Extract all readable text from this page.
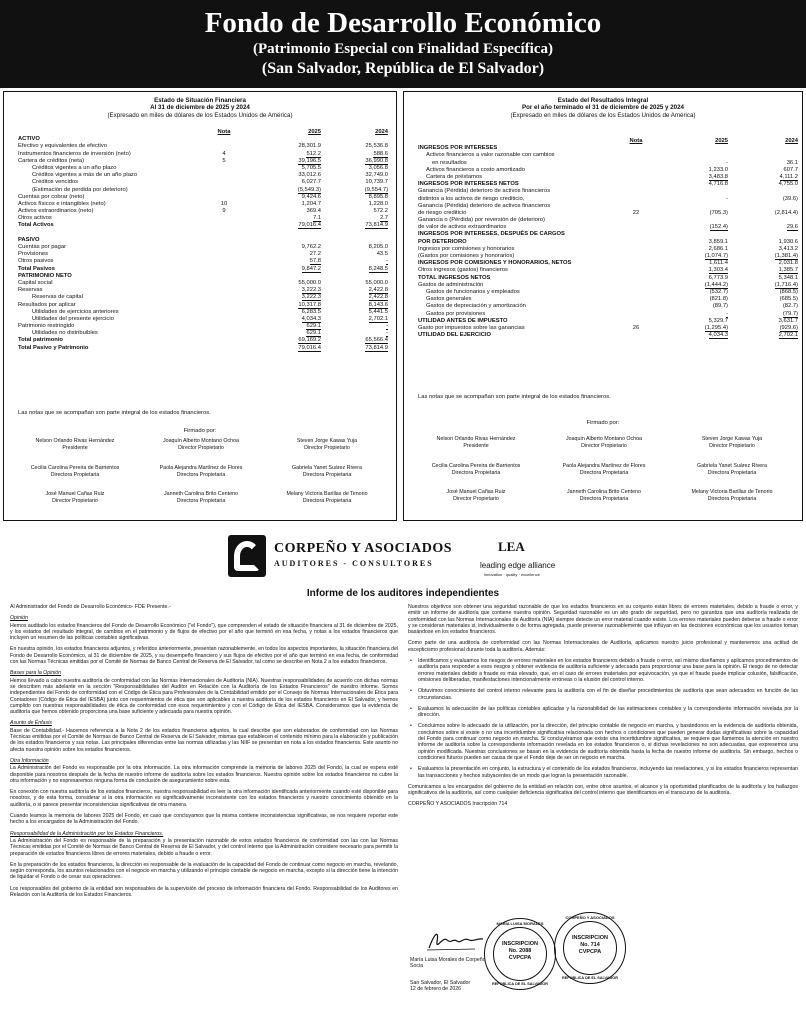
Fondo de Desarrollo Económico
(Patrimonio Especial con Finalidad Específica)
(San Salvador, República de El Salvador)
Estado de Situación Financiera
Al 31 de diciembre de 2025 y 2024
(Expresado en miles de dólares de los Estados Unidos de América)
Nota	2025	2024
ACTIVO
Efectivo y equivalentes de efectivo	28,301.9	25,536.8
Instrumentos financieros de inversión (neto)	4	512.2	588.6
Cartera de créditos (neta)	5	39,196.5	36,990.8
Créditos vigentes a un año plazo	5,705.5	3,056.8
Créditos vigentes a más de un año plazo	33,012.6	32,749.0
Créditos vencidos	6,027.7	10,739.7
(Estimación de perdida por deterioro)	(5,549.3)	(9,554.7)
Cuentas por cobrar (neto)	9,424.6	8,895.8
Activos físicos e intangibles (neto)	10	1,204.7	1,228.0
Activos extraordinarios (neto)	9	369.4	572.2
Otros activos	7.1	2.7
Total Activos	79,016.4	73,814.9
PASIVO
Cuentas por pagar	9,762.2	8,205.0
Provisiones	27.2	43.5
Otros pasivos	57.8	-
Total Pasivos	9,847.2	8,248.5
PATRIMONIO NETO
Capital social	55,000.0	55,000.0
Reservas	3,222.3	2,422.8
Reservas de capital	3,222.3	2,422.8
Resultados por aplicar	10,317.8	8,143.6
Utilidades de ejercicios anteriores	6,283.5	5,441.5
Utilidades del presente ejercicio	4,034.3	2,702.1
Patrimonio restringido	629.1	-
Utilidades no distribuibles	629.1	-
Total patrimonio	69,169.2	65,566.4
Total Pasivo y Patrimonio	79,016.4	73,814.9
Las notas que se acompañan son parte integral de los estados financieros.
Firmado por:
Nelson Orlando Rivas Hernández
Presidente
Joaquín Alberto Montano Ochoa
Director Propietario
Steven Jorge Kawas Yuja
Director Propietario
Cecilia Carolina Pereira de Barrientos
Directora Propietaria
Paola Alejandra Martínez de Flores
Directora Propietaria
Gabriela Yanet Suárez Rivera
Directora Propietaria
José Manuel Cañas Ruiz
Director Propietario
Janneth Carolina Brito Centeno
Directora Propietaria
Melany Victoria Barillas de Tenorio
Directora Propietaria
Estado del Resultados Integral
Por el año terminado el 31 de diciembre de 2025 y 2024
(Expresado en miles de dólares de los Estados Unidos de América)
Nota	2025	2024
INGRESOS POR INTERESES
Activos financieros a valor razonable con cambios
en resultados	-	36.1
Activos financieros a costo amortizado	1,233.0	607.7
Cartera de préstamos	3,483.8	4,111.2
INGRESOS POR INTERESES NETOS	4,716.8	4,755.0
Ganancia (Pérdida) deterioro de activos financieros
distintos a los activos de riesgo crediticio,	-	(39.6)
Ganancia (Pérdida) deterioro de activos financieros
de riesgo crediticio	22	(705.3)	(2,814.4)
Ganancia o (Pérdida) por reversión de (deterioro)
de valor de activos extraordinarios	(152.4)	29.6
INGRESOS POR INTERESES, DESPUÉS DE CARGOS
POR DETERIORO	3,859.1	1,930.6
Ingresos por comisiones y honorarios	2,686.1	3,413.2
(Gastos por comisiones y honorarios)	(1,074.7)	(1,381.4)
INGRESOS POR COMISIONES Y HONORARIOS, NETOS	1,611.4	2,031.8
Otros ingresos (gastos) financieros	1,303.4	1,385.7
TOTAL INGRESOS NETOS	6,773.9	5,348.1
Gastos de administración	(1,444.2)	(1,716.4)
Gastos de funcionarios y empleados	(532.7)	(868.5)
Gastos generales	(821.8)	(685.5)
Gastos de depreciación y amortización	(89.7)	(82.7)
Gastos por provisiones	-	(79.7)
UTILIDAD ANTES DE IMPUESTO	5,329.7	3,631.7
Gasto por impuestos sobre las ganancias	26	(1,295.4)	(929.6)
UTILIDAD DEL EJERCICIO	4,034.3	2,702.1
Las notas que se acompañan son parte integral de los estados financieros.
Firmado por:
Nelson Orlando Rivas Hernández
Presidente
Joaquín Alberto Montano Ochoa
Director Propietario
Steven Jorge Kawas Yuja
Director Propietario
Cecilia Carolina Pereira de Barrientos
Directora Propietaria
Paola Alejandra Martínez de Flores
Directora Propietaria
Gabriela Yanet Suárez Rivera
Directora Propietaria
José Manuel Cañas Ruiz
Director Propietario
Janneth Carolina Brito Centeno
Directora Propietaria
Melany Victoria Barillas de Tenorio
Directora Propietaria
CORPEÑO Y ASOCIADOS
AUDITORES - CONSULTORES
LEA
leading edge alliance
innovation · quality · excellence
Informe de los auditores independientes

Al Administrador del Fondo de Desarrollo Económico- FDE Presente.-

Opinión

Hemos auditado los estados financieros del Fondo de Desarrollo Económico ("el Fondo"), que comprenden el estado de situación financiera al 31 de diciembre de 2025, y los estados del resultado integral, de cambios en el patrimonio y de flujos de efectivo por el año que terminó en esa fecha, y notas a los estados financieros que incluyen un resumen de las políticas contables significativas.

En nuestra opinión, los estados financieros adjuntos, y referidos anteriormente, presentan razonablemente, en todos los aspectos importantes, la situación financiera del Fondo de Desarrollo Económico, al 31 de diciembre de 2025, y su desempeño financiero y sus flujos de efectivo por el año que terminó en esa fecha, de conformidad con las Normas Técnicas emitidas por el Comité de Normas de Banco Central de Reserva de El Salvador, tal como se describe en Nota 2 a los estados financieros.

Bases para la Opinión

Hemos llevado a cabo nuestra auditoría de conformidad con las Normas Internacionales de Auditoría (NIA). Nuestras responsabilidades de acuerdo con dichas normas se describen más adelante en la sección "Responsabilidades del Auditor en Relación con la Auditoría de los Estados Financieros" de nuestro informe. Somos independientes del Fondo de conformidad con el Código de Ética para Profesionales de la Contabilidad emitido por el Consejo de Normas Internacionales de Ética para Contadores (Código de Ética del IESBA) junto con requerimientos de ética que son aplicables a nuestra auditoría de los estados financieros en El Salvador, y hemos cumplido con nuestras responsabilidades de ética de conformidad con esos requerimientos y con el Código de Ética del IESBA. Consideramos que la evidencia de auditoría que hemos obtenido proporciona una base suficiente y adecuada para nuestra opinión.

Asunto de Énfasis

Base de Contabilidad.- Hacemos referencia a la Nota 2 de los estados financieros adjuntos, la cual describe que son elaborados de conformidad con las Normas Técnicas emitidas por el Comité de Normas de Banco Central de Reserva de El Salvador, mismas que establecen el contenido mínimo para la elaboración y publicación de los estados financieros y sus notas. Las principales diferencias entre las normas utilizadas y las NIIF se presentan en nota a los estados financieros. Este asunto no afecta nuestra opinión sobre los estados financieros.

Otra Información

La Administración del Fondo es responsable por la otra información. La otra información comprende la memoria de labores 2025 del Fondo, la cual se espera esté disponible para nosotros después de la fecha de nuestro informe de auditoría sobre los estados financieros. Nuestra opinión sobre los estados financieros no cubre la otra información y no expresaremos ninguna forma de conclusión de aseguramiento sobre esta.

En conexión con nuestra auditoría de los estados financieros, nuestra responsabilidad es leer la otra información identificada anteriormente cuando esté disponible para nosotros, y de esta forma, considerar si la otra información es significativamente inconsistente con los estados financieros y nuestro conocimiento obtenido en la auditoría, o si parece presentar inconsistencias significativas de otra manera.

Cuando leamos la memoria de labores 2025 del Fondo, en caso que concluyamos que la misma contiene inconsistencias significativas, se nos requiere reportar este hecho a los encargados de la Administración del Fondo.

Responsabilidad de la Administración por los Estados Financieros.

La Administración del Fondo es responsable de la preparación y la presentación razonable de estos estados financieros de conformidad con las con las Normas Técnicas emitidas por el Comité de Normas de Banco Central de Reserva de El Salvador, y del control interno que la Administración considere necesario para permitir la preparación de estados financieros libres de errores materiales, debido a fraude o error.

En la preparación de los estados financieros, la dirección es responsable de la evaluación de la capacidad del Fondo de continuar como negocio en marcha, revelando, según corresponda, los asuntos relacionados con el negocio en marcha y utilizando el principio contable de negocio en marcha, excepto si la dirección tiene la intención de liquidar el Fondo o de cesar sus operaciones.

Los responsables del gobierno de la entidad son responsables de la supervisión del proceso de información financiera del Fondo. Responsabilidad de los Auditores en Relación con la Auditoría de los Estados Financieros.

Nuestros objetivos son obtener una seguridad razonable de que los estados financieros en su conjunto están libres de errores materiales, debido a fraude o error, y emitir un informe de auditoría que contiene nuestra opinión. Seguridad razonable es un alto grado de seguridad, pero no garantiza que una auditoría realizada de conformidad con las Normas Internacionales de Auditoría (NIA) siempre detecte un error material cuando existe. Los errores materiales pueden deberse a fraude o error y se consideran materiales si, individualmente o de forma agregada, puede preverse razonablemente que influyan en las decisiones económicas que los usuarios toman basándose en los estados financieros.

Como parte de una auditoría de conformidad con las Normas Internacionales de Auditoría, aplicamos nuestro juicio profesional y mantenemos una actitud de escepticismo profesional durante toda la auditoría. Además:

• Identificamos y evaluamos los riesgos de errores materiales en los estados financieros debido a fraude o error, así mismo diseñamos y aplicamos procedimientos de auditoría para responder a esos riesgos y obtener evidencia de auditoría suficiente y adecuada para proporcionar una base para la opinión. El riesgo de no detectar errores materiales debido a fraude es más elevado, que, en el caso de errores materiales por equivocación, ya que el fraude puede implicar colusión, falsificación, omisiones deliberadas, manifestaciones intencionalmente erróneas o la elusión del control interno.
• Obtuvimos conocimiento del control interno relevante para la auditoría con el fin de diseñar procedimientos de auditoría que sean adecuados en función de las circunstancias.
• Evaluamos la adecuación de las políticas contables aplicadas y la razonabilidad de las estimaciones contables y la correspondiente información revelada por la dirección.
• Concluimos sobre lo adecuado de la utilización, por la dirección, del principio contable de negocio en marcha, y basándonos en la evidencia de auditoría obtenida, concluimos sobre si existe o no una incertidumbre significativa relacionada con hechos o condiciones que pueden generar dudas significativas sobre la capacidad del Fondo para continuar como negocio en marcha. Si concluyéramos que existe una incertidumbre significativa, se requiere que llamemos la atención en nuestro informe de auditoría sobre la correspondiente información revelada en los estados financieros o, si dichas revelaciones no son adecuadas, que expresemos una opinión modificada. Nuestras conclusiones se basan en la evidencia de auditoría obtenida hasta la fecha de nuestro informe de auditoría. Sin embargo, hechos o condiciones futuros pueden ser causa de que el Fondo deje de ser un negocio en marcha.
• Evaluamos la presentación en conjunto, la estructura y el contenido de los estados financieros, incluyendo las revelaciones, y si los estados financieros representan las transacciones y hechos subyacentes de un modo que logran la presentación razonable.

Comunicamos a los encargados del gobierno de la entidad en relación con, entre otros asuntos, el alcance y la oportunidad planificados de la auditoría y los hallazgos significativos de la auditoría, así como cualquier deficiencia significativa del control interno que identificamos en el transcurso de la auditoría.

CORPEÑO Y ASOCIADOS Inscripción 714

María Luisa Morales de Corpeño
Socia
San Salvador, El Salvador
12 de febrero de 2026
MARÍA LUISA MORALES
INSCRIPCION
No. 2088
CVPCPA
REPÚBLICA DE EL SALVADOR
CORPEÑO Y ASOCIADOS
INSCRIPCION
No. 714
CVPCPA
REPÚBLICA DE EL SALVADOR
